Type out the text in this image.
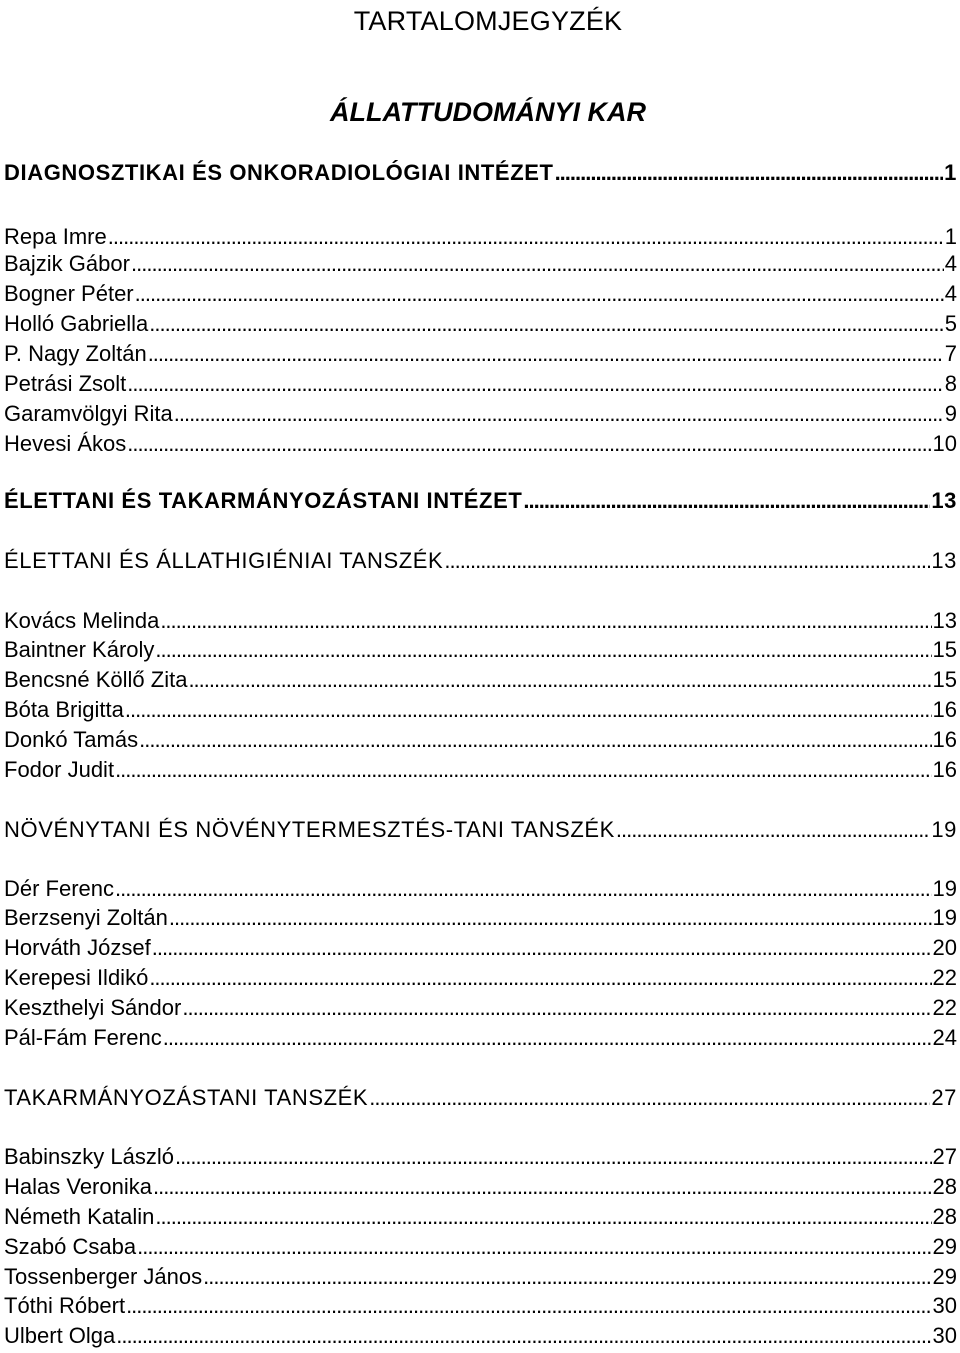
TARTALOMJEGYZÉK
ÁLLATTUDOMÁNYI KAR
DIAGNOSZTIKAI ÉS ONKORADIOLÓGIAI INTÉZET . . .	1
Repa Imre . . .	1
Bajzik Gábor . . .	4
Bogner Péter . . .	4
Holló Gabriella . . .	5
P. Nagy Zoltán . . .	7
Petrási Zsolt . . .	8
Garamvölgyi Rita . . .	9
Hevesi Ákos . . .	10
ÉLETTANI ÉS TAKARMÁNYOZÁSTANI INTÉZET . . .	13
ÉLETTANI ÉS ÁLLATHIGIÉNIAI TANSZÉK . . .	13
Kovács Melinda . . .	13
Baintner Károly . . .	15
Bencsné Köllő Zita . . .	15
Bóta Brigitta . . .	16
Donkó Tamás . . .	16
Fodor Judit . . .	16
NÖVÉNYTANI ÉS NÖVÉNYTERMESZTÉS-TANI TANSZÉK . . .	19
Dér Ferenc . . .	19
Berzsenyi Zoltán . . .	19
Horváth József . . .	20
Kerepesi Ildikó . . .	22
Keszthelyi Sándor . . .	22
Pál-Fám Ferenc . . .	24
TAKARMÁNYOZÁSTANI TANSZÉK . . .	27
Babinszky László . . .	27
Halas Veronika . . .	28
Németh Katalin . . .	28
Szabó Csaba . . .	29
Tossenberger János . . .	29
Tóthi Róbert . . .	30
Ulbert Olga . . .	30
